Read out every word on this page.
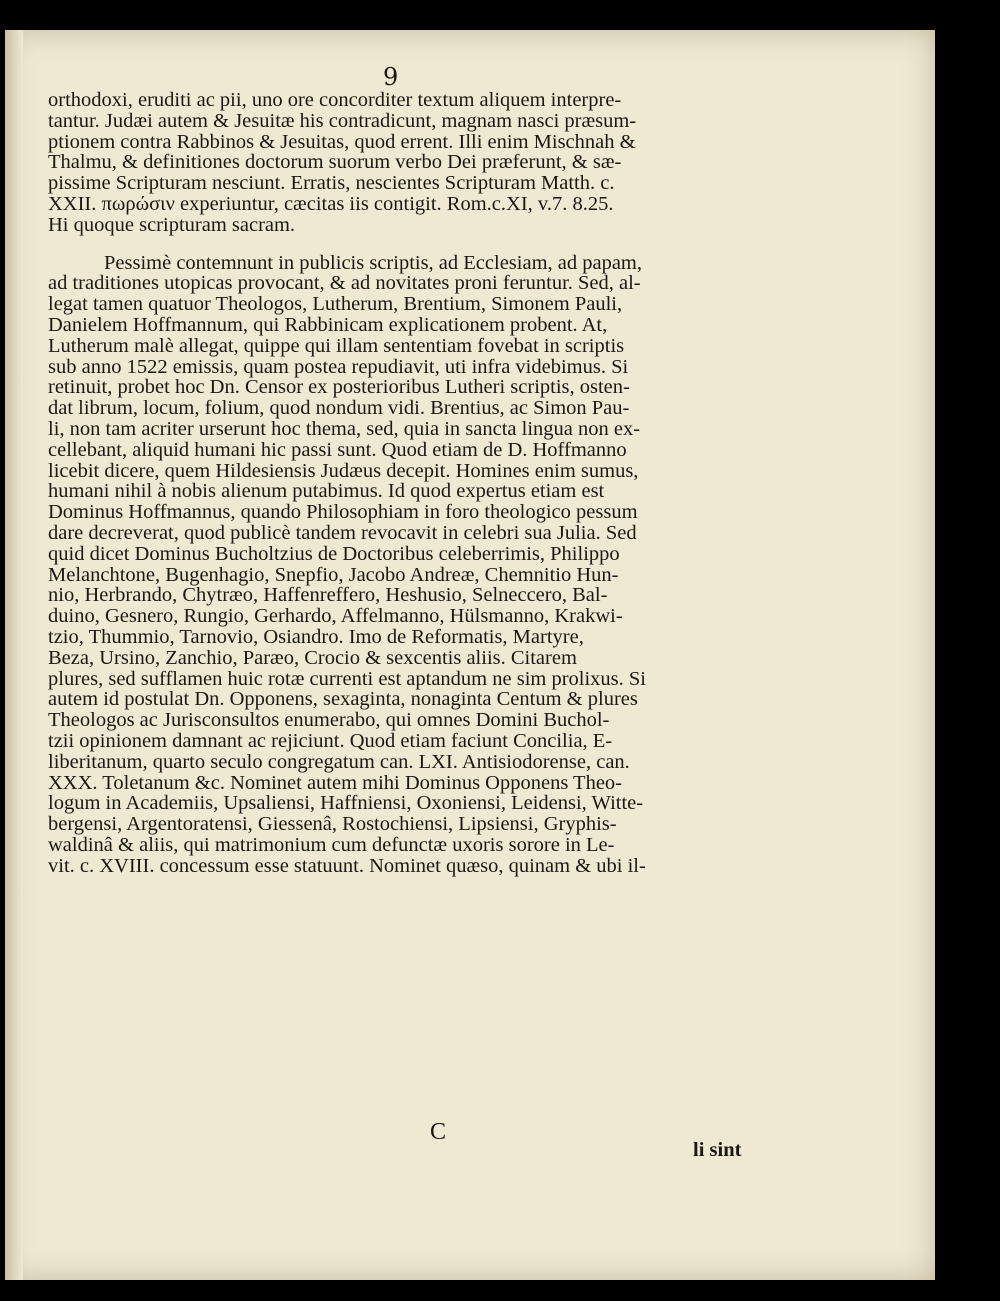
9
orthodoxi, eruditi ac pii, uno ore concorditer textum aliquem interpre-
tantur. Judæi autem & Jesuitæ his contradicunt, magnam nasci præsum-
ptionem contra Rabbinos & Jesuitas, quod errent. Illi enim Mischnah &
Thalmu, & definitiones doctorum suorum verbo Dei præferunt, & sæ-
pissime Scripturam nesciunt. Erratis, nescientes Scripturam Matth. c.
XXII. πωρώσιν experiuntur, cæcitas iis contigit. Rom.c.XI, v.7. 8.25.
Hi quoque scripturam sacram.
Pessimè contemnunt in publicis scriptis, ad Ecclesiam, ad papam,
ad traditiones utopicas provocant, & ad novitates proni feruntur. Sed, al-
legat tamen quatuor Theologos, Lutherum, Brentium, Simonem Pauli,
Danielem Hoffmannum, qui Rabbinicam explicationem probent. At,
Lutherum malè allegat, quippe qui illam sententiam fovebat in scriptis
sub anno 1522 emissis, quam postea repudiavit, uti infra videbimus. Si
retinuit, probet hoc Dn. Censor ex posterioribus Lutheri scriptis, osten-
dat librum, locum, folium, quod nondum vidi. Brentius, ac Simon Pau-
li, non tam acriter urserunt hoc thema, sed, quia in sancta lingua non ex-
cellebant, aliquid humani hic passi sunt. Quod etiam de D. Hoffmanno
licebit dicere, quem Hildesiensis Judæus decepit. Homines enim sumus,
humani nihil à nobis alienum putabimus. Id quod expertus etiam est
Dominus Hoffmannus, quando Philosophiam in foro theologico pessum
dare decreverat, quod publicè tandem revocavit in celebri sua Julia. Sed
quid dicet Dominus Bucholtzius de Doctoribus celeberrimis, Philippo
Melanchtone, Bugenhagio, Snepfio, Jacobo Andreæ, Chemnitio Hun-
nio, Herbrando, Chytræo, Haffenreffero, Heshusio, Selneccero, Bal-
duino, Gesnero, Rungio, Gerhardo, Affelmanno, Hülsmanno, Krakwi-
tzio, Thummio, Tarnovio, Osiandro. Imo de Reformatis, Martyre,
Beza, Ursino, Zanchio, Paræo, Crocio & sexcentis aliis. Citarem
plures, sed sufflamen huic rotæ currenti est aptandum ne sim prolixus. Si
autem id postulat Dn. Opponens, sexaginta, nonaginta Centum & plures
Theologos ac Jurisconsultos enumerabo, qui omnes Domini Buchol-
tzii opinionem damnant ac rejiciunt. Quod etiam faciunt Concilia, E-
liberitanum, quarto seculo congregatum can. LXI. Antisiodorense, can.
XXX. Toletanum &c. Nominet autem mihi Dominus Opponens Theo-
logum in Academiis, Upsaliensi, Haffniensi, Oxoniensi, Leidensi, Witte-
bergensi, Argentoratensi, Giessenâ, Rostochiensi, Lipsiensi, Gryphis-
waldinâ & aliis, qui matrimonium cum defunctæ uxoris sorore in Le-
vit. c. XVIII. concessum esse statuunt. Nominet quæso, quinam & ubi il-
C
li sint
